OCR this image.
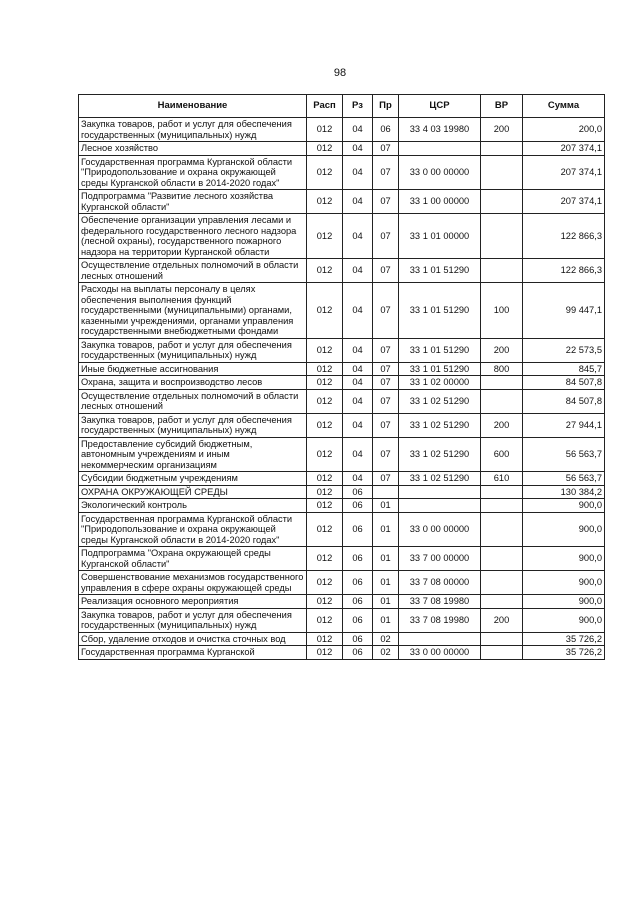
98
Наименование	Расп	Рз	Пр	ЦСР	ВР	Сумма
Закупка товаров, работ и услуг для обеспечения государственных (муниципальных) нужд	012	04	06	33 4 03 19980	200	200,0
Лесное хозяйство	012	04	07			207 374,1
Государственная программа Курганской области "Природопользование и охрана окружающей среды Курганской области в 2014-2020 годах"	012	04	07	33 0 00 00000		207 374,1
Подпрограмма "Развитие лесного хозяйства Курганской области"	012	04	07	33 1 00 00000		207 374,1
Обеспечение организации управления лесами и федерального государственного лесного надзора (лесной охраны), государственного пожарного надзора на территории Курганской области	012	04	07	33 1 01 00000		122 866,3
Осуществление отдельных полномочий в области лесных отношений	012	04	07	33 1 01 51290		122 866,3
Расходы на выплаты персоналу в целях обеспечения выполнения функций государственными (муниципальными) органами, казенными учреждениями, органами управления государственными внебюджетными фондами	012	04	07	33 1 01 51290	100	99 447,1
Закупка товаров, работ и услуг для обеспечения государственных (муниципальных) нужд	012	04	07	33 1 01 51290	200	22 573,5
Иные бюджетные ассигнования	012	04	07	33 1 01 51290	800	845,7
Охрана, защита и воспроизводство лесов	012	04	07	33 1 02 00000		84 507,8
Осуществление отдельных полномочий в области лесных отношений	012	04	07	33 1 02 51290		84 507,8
Закупка товаров, работ и услуг для обеспечения государственных (муниципальных) нужд	012	04	07	33 1 02 51290	200	27 944,1
Предоставление субсидий бюджетным, автономным учреждениям и иным некоммерческим организациям	012	04	07	33 1 02 51290	600	56 563,7
Субсидии бюджетным учреждениям	012	04	07	33 1 02 51290	610	56 563,7
ОХРАНА ОКРУЖАЮЩЕЙ СРЕДЫ	012	06				130 384,2
Экологический контроль	012	06	01			900,0
Государственная программа Курганской области "Природопользование и охрана окружающей среды Курганской области в 2014-2020 годах"	012	06	01	33 0 00 00000		900,0
Подпрограмма "Охрана окружающей среды Курганской области"	012	06	01	33 7 00 00000		900,0
Совершенствование механизмов государственного управления в сфере охраны окружающей среды	012	06	01	33 7 08 00000		900,0
Реализация основного мероприятия	012	06	01	33 7 08 19980		900,0
Закупка товаров, работ и услуг для обеспечения государственных (муниципальных) нужд	012	06	01	33 7 08 19980	200	900,0
Сбор, удаление отходов и очистка сточных вод	012	06	02			35 726,2
Государственная программа Курганской	012	06	02	33 0 00 00000		35 726,2
